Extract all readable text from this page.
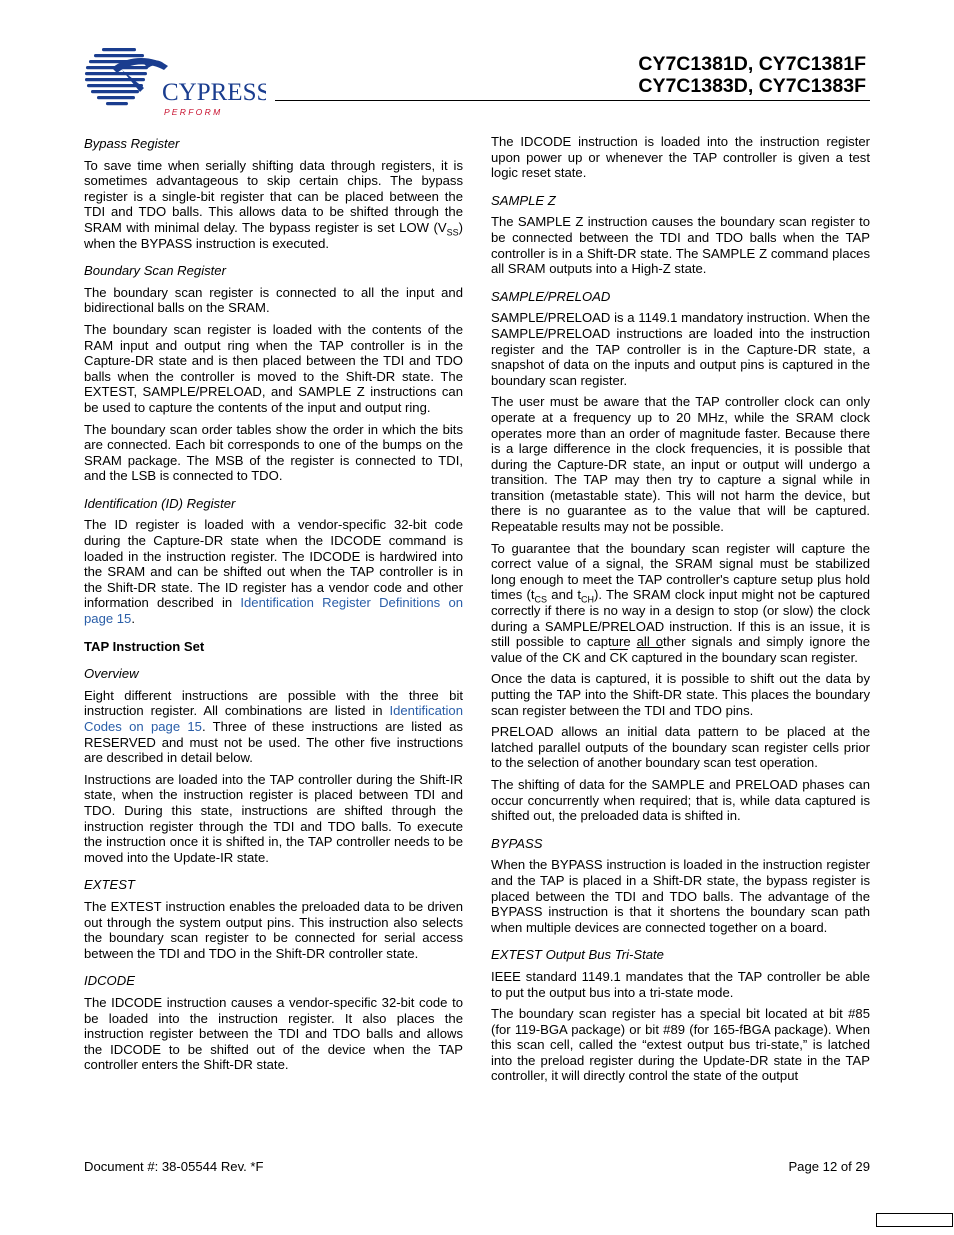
CYPRESS
P E R F O R M
CY7C1381D, CY7C1381F
CY7C1383D, CY7C1383F
Bypass Register

To save time when serially shifting data through registers, it is sometimes advantageous to skip certain chips. The bypass register is a single-bit register that can be placed between the TDI and TDO balls. This allows data to be shifted through the SRAM with minimal delay. The bypass register is set LOW $(V_{SS})$ when the BYPASS instruction is executed.

Boundary Scan Register

The boundary scan register is connected to all the input and bidirectional balls on the SRAM.

The boundary scan register is loaded with the contents of the RAM input and output ring when the TAP controller is in the Capture-DR state and is then placed between the TDI and TDO balls when the controller is moved to the Shift-DR state. The EXTEST, SAMPLE/PRELOAD, and SAMPLE Z instructions can be used to capture the contents of the input and output ring.

The boundary scan order tables show the order in which the bits are connected. Each bit corresponds to one of the bumps on the SRAM package. The MSB of the register is connected to TDI, and the LSB is connected to TDO.

Identification (ID) Register

The ID register is loaded with a vendor-specific 32-bit code during the Capture-DR state when the IDCODE command is loaded in the instruction register. The IDCODE is hardwired into the SRAM and can be shifted out when the TAP controller is in the Shift-DR state. The ID register has a vendor code and other information described in Identification Register Definitions on page 15.

TAP Instruction Set
Overview

Eight different instructions are possible with the three bit instruction register. All combinations are listed in Identification Codes on page 15. Three of these instructions are listed as RESERVED and must not be used. The other five instructions are described in detail below.

Instructions are loaded into the TAP controller during the Shift-IR state, when the instruction register is placed between TDI and TDO. During this state, instructions are shifted through the instruction register through the TDI and TDO balls. To execute the instruction once it is shifted in, the TAP controller needs to be moved into the Update-IR state.

EXTEST

The EXTEST instruction enables the preloaded data to be driven out through the system output pins. This instruction also selects the boundary scan register to be connected for serial access between the TDI and TDO in the Shift-DR controller state.

IDCODE

The IDCODE instruction causes a vendor-specific 32-bit code to be loaded into the instruction register. It also places the instruction register between the TDI and TDO balls and allows the IDCODE to be shifted out of the device when the TAP controller enters the Shift-DR state.

The IDCODE instruction is loaded into the instruction register upon power up or whenever the TAP controller is given a test logic reset state.

SAMPLE Z

The SAMPLE Z instruction causes the boundary scan register to be connected between the TDI and TDO balls when the TAP controller is in a Shift-DR state. The SAMPLE Z command places all SRAM outputs into a High-Z state.

SAMPLE/PRELOAD

SAMPLE/PRELOAD is a 1149.1 mandatory instruction. When the SAMPLE/PRELOAD instructions are loaded into the instruction register and the TAP controller is in the Capture-DR state, a snapshot of data on the inputs and output pins is captured in the boundary scan register.

The user must be aware that the TAP controller clock can only operate at a frequency up to 20 MHz, while the SRAM clock operates more than an order of magnitude faster. Because there is a large difference in the clock frequencies, it is possible that during the Capture-DR state, an input or output will undergo a transition. The TAP may then try to capture a signal while in transition (metastable state). This will not harm the device, but there is no guarantee as to the value that will be captured. Repeatable results may not be possible.

To guarantee that the boundary scan register will capture the correct value of a signal, the SRAM signal must be stabilized long enough to meet the TAP controller's capture setup plus hold times ($t_{CS}$ and $t_{CH}$). The SRAM clock input might not be captured correctly if there is no way in a design to stop (or slow) the clock during a SAMPLE/PRELOAD instruction. If this is an issue, it is still possible to capture all other signals and simply ignore the value of the CK and $\overline{CK}$ captured in the boundary scan register.

Once the data is captured, it is possible to shift out the data by putting the TAP into the Shift-DR state. This places the boundary scan register between the TDI and TDO pins.

PRELOAD allows an initial data pattern to be placed at the latched parallel outputs of the boundary scan register cells prior to the selection of another boundary scan test operation.

The shifting of data for the SAMPLE and PRELOAD phases can occur concurrently when required; that is, while data captured is shifted out, the preloaded data is shifted in.

BYPASS

When the BYPASS instruction is loaded in the instruction register and the TAP is placed in a Shift-DR state, the bypass register is placed between the TDI and TDO balls. The advantage of the BYPASS instruction is that it shortens the boundary scan path when multiple devices are connected together on a board.

EXTEST Output Bus Tri-State

IEEE standard 1149.1 mandates that the TAP controller be able to put the output bus into a tri-state mode.

The boundary scan register has a special bit located at bit #85 (for 119-BGA package) or bit #89 (for 165-fBGA package). When this scan cell, called the “extest output bus tri-state,” is latched into the preload register during the Update-DR state in the TAP controller, it will directly control the state of the output

Document #: 38-05544 Rev. *F	Page 12 of 29
